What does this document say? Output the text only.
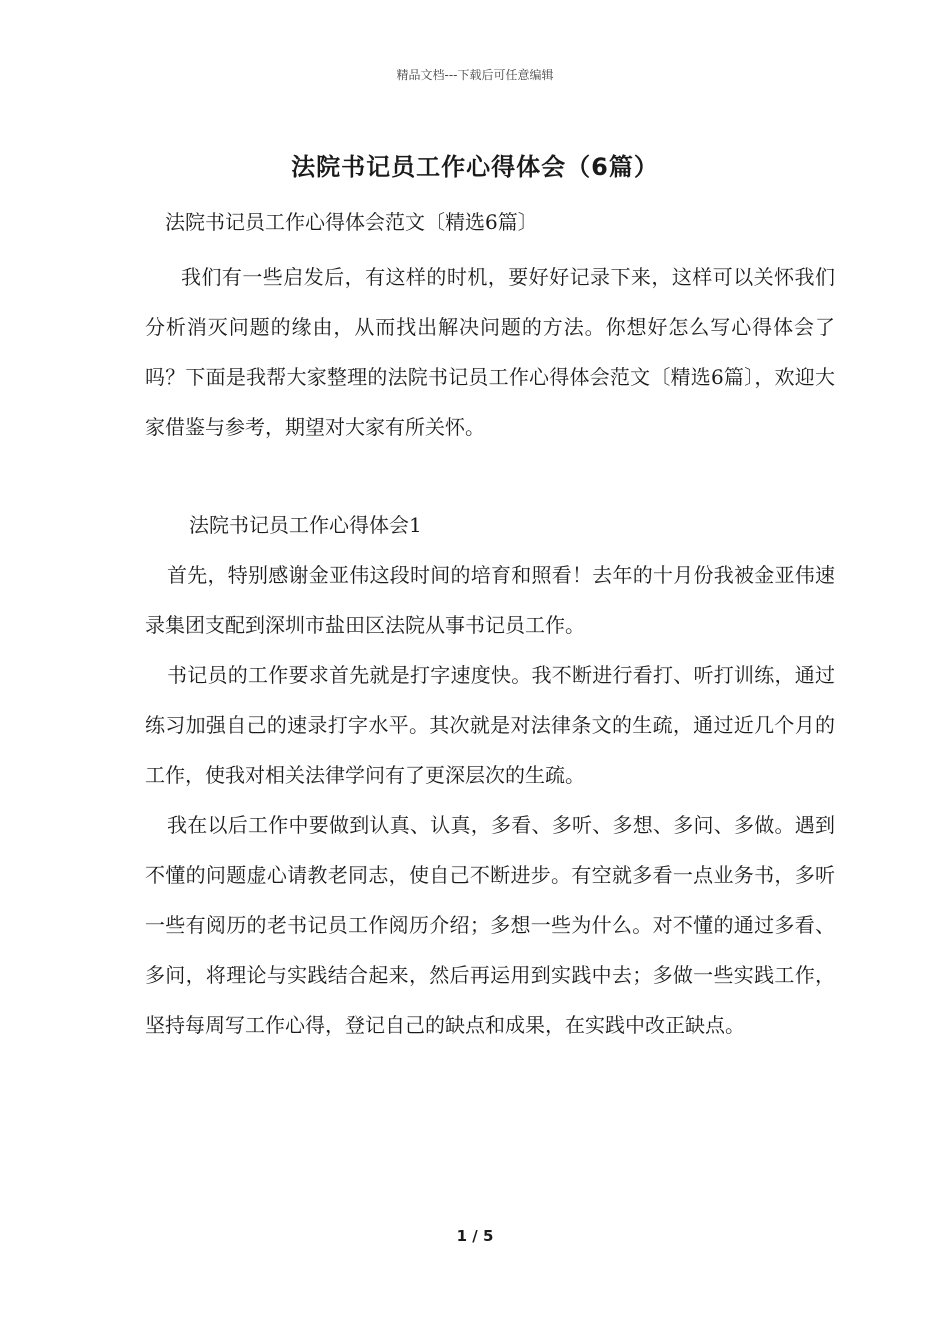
精品文档---下载后可任意编辑
法院书记员工作心得体会（6篇）
法院书记员工作心得体会范文〔精选6篇〕

我们有一些启发后，有这样的时机，要好好记录下来，这样可以关怀我们分析消灭问题的缘由，从而找出解决问题的方法。你想好怎么写心得体会了吗？下面是我帮大家整理的法院书记员工作心得体会范文〔精选6篇〕，欢迎大家借鉴与参考，期望对大家有所关怀。

法院书记员工作心得体会1

首先，特别感谢金亚伟这段时间的培育和照看！去年的十月份我被金亚伟速录集团支配到深圳市盐田区法院从事书记员工作。

书记员的工作要求首先就是打字速度快。我不断进行看打、听打训练，通过练习加强自己的速录打字水平。其次就是对法律条文的生疏，通过近几个月的工作，使我对相关法律学问有了更深层次的生疏。

我在以后工作中要做到认真、认真，多看、多听、多想、多问、多做。遇到不懂的问题虚心请教老同志，使自己不断进步。有空就多看一点业务书，多听一些有阅历的老书记员工作阅历介绍；多想一些为什么。对不懂的通过多看、多问，将理论与实践结合起来，然后再运用到实践中去；多做一些实践工作，坚持每周写工作心得，登记自己的缺点和成果，在实践中改正缺点。

1 / 5
